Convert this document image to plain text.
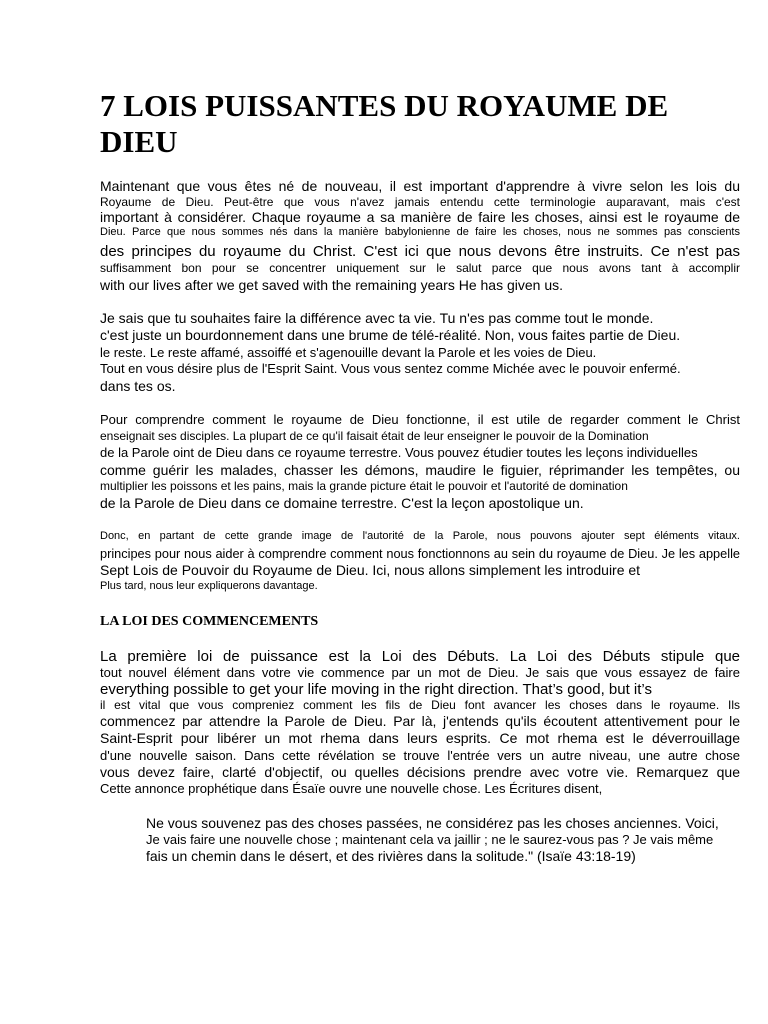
7 LOIS PUISSANTES DU ROYAUME DE
DIEU
Maintenant que vous êtes né de nouveau, il est important d'apprendre à vivre selon les lois du
Royaume de Dieu. Peut-être que vous n'avez jamais entendu cette terminologie auparavant, mais c'est
important à considérer. Chaque royaume a sa manière de faire les choses, ainsi est le royaume de
Dieu. Parce que nous sommes nés dans la manière babylonienne de faire les choses, nous ne sommes pas conscients
des principes du royaume du Christ. C'est ici que nous devons être instruits. Ce n'est pas
suffisamment bon pour se concentrer uniquement sur le salut parce que nous avons tant à accomplir
with our lives after we get saved with the remaining years He has given us.
Je sais que tu souhaites faire la différence avec ta vie. Tu n'es pas comme tout le monde.
c'est juste un bourdonnement dans une brume de télé-réalité. Non, vous faites partie de Dieu.
le reste. Le reste affamé, assoiffé et s'agenouille devant la Parole et les voies de Dieu.
Tout en vous désire plus de l'Esprit Saint. Vous vous sentez comme Michée avec le pouvoir enfermé.
dans tes os.
Pour comprendre comment le royaume de Dieu fonctionne, il est utile de regarder comment le Christ
enseignait ses disciples. La plupart de ce qu'il faisait était de leur enseigner le pouvoir de la Domination
de la Parole oint de Dieu dans ce royaume terrestre. Vous pouvez étudier toutes les leçons individuelles
comme guérir les malades, chasser les démons, maudire le figuier, réprimander les tempêtes, ou
multiplier les poissons et les pains, mais la grande picture était le pouvoir et l'autorité de domination
de la Parole de Dieu dans ce domaine terrestre. C'est la leçon apostolique un.
Donc, en partant de cette grande image de l'autorité de la Parole, nous pouvons ajouter sept éléments vitaux.
principes pour nous aider à comprendre comment nous fonctionnons au sein du royaume de Dieu. Je les appelle
Sept Lois de Pouvoir du Royaume de Dieu. Ici, nous allons simplement les introduire et
Plus tard, nous leur expliquerons davantage.
LA LOI DES COMMENCEMENTS
La première loi de puissance est la Loi des Débuts. La Loi des Débuts stipule que
tout nouvel élément dans votre vie commence par un mot de Dieu. Je sais que vous essayez de faire
everything possible to get your life moving in the right direction. That’s good, but it’s
il est vital que vous compreniez comment les fils de Dieu font avancer les choses dans le royaume. Ils
commencez par attendre la Parole de Dieu. Par là, j'entends qu'ils écoutent attentivement pour le
Saint-Esprit pour libérer un mot rhema dans leurs esprits. Ce mot rhema est le déverrouillage
d'une nouvelle saison. Dans cette révélation se trouve l'entrée vers un autre niveau, une autre chose
vous devez faire, clarté d'objectif, ou quelles décisions prendre avec votre vie. Remarquez que
Cette annonce prophétique dans Ésaïe ouvre une nouvelle chose. Les Écritures disent,
Ne vous souvenez pas des choses passées, ne considérez pas les choses anciennes. Voici,
Je vais faire une nouvelle chose ; maintenant cela va jaillir ; ne le saurez-vous pas ? Je vais même
fais un chemin dans le désert, et des rivières dans la solitude." (Isaïe 43:18-19)
